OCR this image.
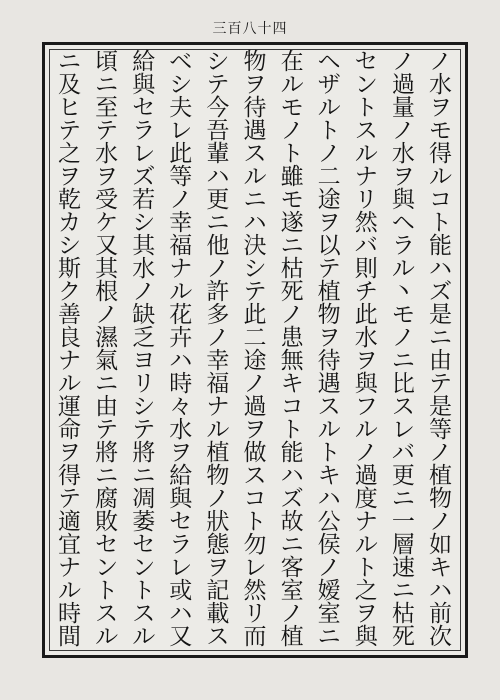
三百八十四
ノ
水
ヲ
モ
得
ル
コ
ト
能
ハ
ズ
是
ニ
由
テ
是
等
ノ
植
物
ノ
如
キ
ハ
前
次
ノ
過
量
ノ
水
ヲ
與
ヘ
ラ
ル
丶
モ
ノ
ニ
比
ス
レ
バ
更
ニ
一
層
速
ニ
枯
死
セ
ン
ト
ス
ル
ナ
リ
然
バ
則
チ
此
水
ヲ
與
フ
ル
ノ
過
度
ナ
ル
ト
之
ヲ
與
ヘ
ザ
ル
ト
ノ
二
途
ヲ
以
テ
植
物
ヲ
待
遇
ス
ル
ト
キ
ハ
公
侯
ノ
嫒
室
ニ
在
ル
モ
ノ
ト
雖
モ
遂
ニ
枯
死
ノ
患
無
キ
コ
ト
能
ハ
ズ
故
ニ
客
室
ノ
植
物
ヲ
待
遇
ス
ル
ニ
ハ
決
シ
テ
此
二
途
ノ
過
ヲ
做
ス
コ
ト
勿
レ
然
リ
而
シ
テ
今
吾
輩
ハ
更
ニ
他
ノ
許
多
ノ
幸
福
ナ
ル
植
物
ノ
狀
態
ヲ
記
載
ス
ベ
シ
夫
レ
此
等
ノ
幸
福
ナ
ル
花
卉
ハ
時
々
水
ヲ
給
與
セ
ラ
レ
或
ハ
又
給
與
セ
ラ
レ
ズ
若
シ
其
水
ノ
缺
乏
ヨ
リ
シ
テ
將
ニ
凋
萎
セ
ン
ト
ス
ル
頃
ニ
至
テ
水
ヲ
受
ケ
又
其
根
ノ
濕
氣
ニ
由
テ
將
ニ
腐
敗
セ
ン
ト
ス
ル
ニ
及
ヒ
テ
之
ヲ
乾
カ
シ
斯
ク
善
良
ナ
ル
運
命
ヲ
得
テ
適
宜
ナ
ル
時
間
